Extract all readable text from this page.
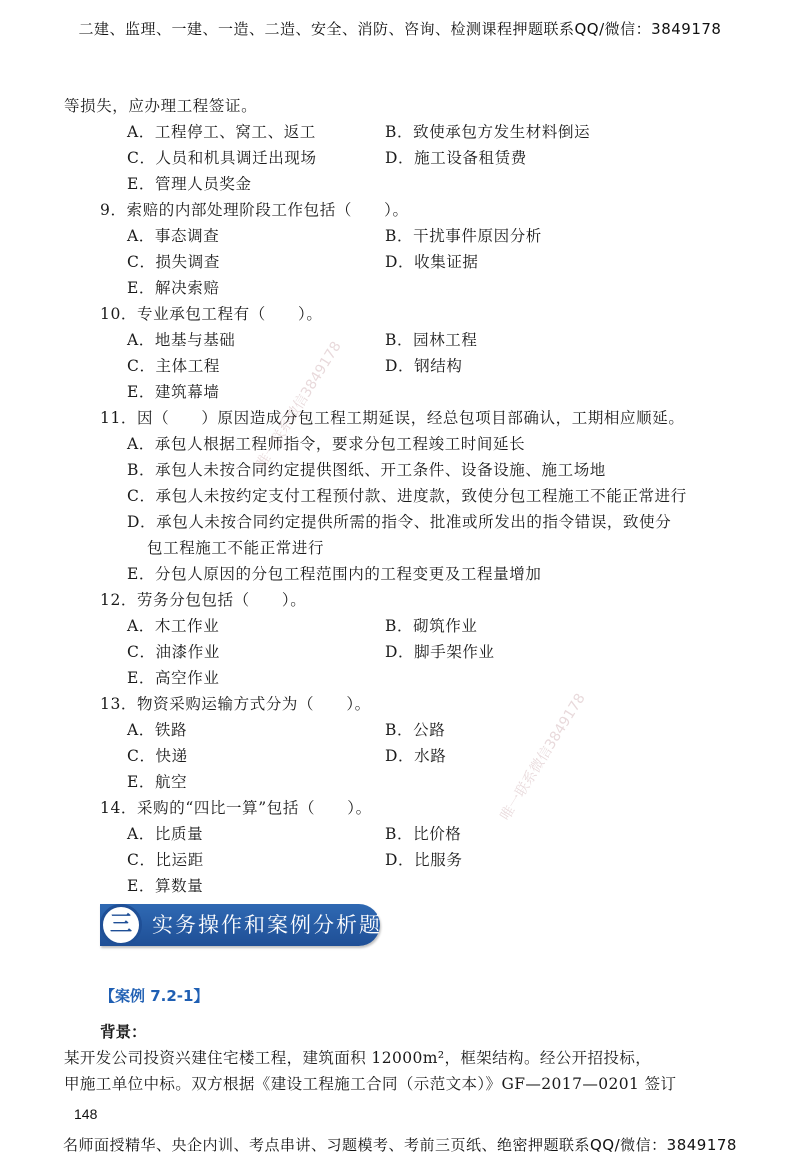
二建、监理、一建、一造、二造、安全、消防、咨询、检测课程押题联系QQ/微信：3849178
等损失，应办理工程签证。
A．工程停工、窝工、返工	B．致使承包方发生材料倒运
C．人员和机具调迁出现场	D．施工设备租赁费
E．管理人员奖金
9．索赔的内部处理阶段工作包括（　　）。
A．事态调查	B．干扰事件原因分析
C．损失调查	D．收集证据
E．解决索赔
10．专业承包工程有（　　）。
A．地基与基础	B．园林工程
C．主体工程	D．钢结构
E．建筑幕墙
11．因（　　）原因造成分包工程工期延误，经总包项目部确认，工期相应顺延。
A．承包人根据工程师指令，要求分包工程竣工时间延长
B．承包人未按合同约定提供图纸、开工条件、设备设施、施工场地
C．承包人未按约定支付工程预付款、进度款，致使分包工程施工不能正常进行
D．承包人未按合同约定提供所需的指令、批准或所发出的指令错误，致使分
包工程施工不能正常进行
E．分包人原因的分包工程范围内的工程变更及工程量增加
12．劳务分包包括（　　）。
A．木工作业	B．砌筑作业
C．油漆作业	D．脚手架作业
E．高空作业
13．物资采购运输方式分为（　　）。
A．铁路	B．公路
C．快递	D．水路
E．航空
14．采购的“四比一算”包括（　　）。
A．比质量	B．比价格
C．比运距	D．比服务
E．算数量
三 实务操作和案例分析题
【案例 7.2-1】
背景：
某开发公司投资兴建住宅楼工程，建筑面积 12000m²，框架结构。经公开招投标，
甲施工单位中标。双方根据《建设工程施工合同（示范文本）》GF—2017—0201 签订
唯一联系微信3849178
唯一联系微信3849178
148
名师面授精华、央企内训、考点串讲、习题模考、考前三页纸、绝密押题联系QQ/微信：3849178
